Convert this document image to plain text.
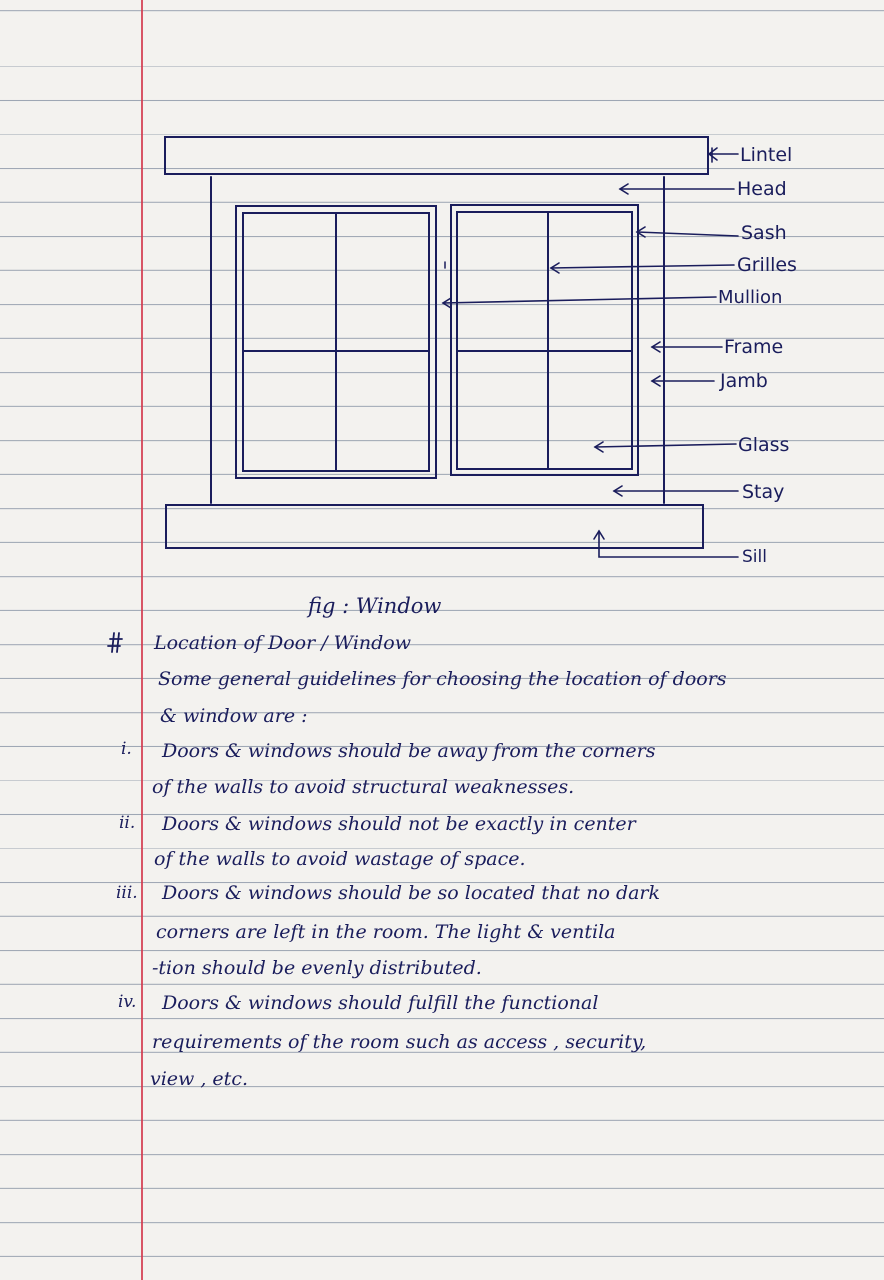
Lintel
Head
Sash
Grilles
Mullion
Frame
Jamb
Glass
Stay
Sill
fig : Window
Location of Door / Window
Some general guidelines for choosing the location of doors
& window are :
i. Doors & windows should be away from the corners
of the walls to avoid structural weaknesses.
ii. Doors & windows should not be exactly in center
of the walls to avoid wastage of space.
iii. Doors & windows should be so located that no dark
corners are left in the room. The light & ventila
-tion should be evenly distributed.
iv. Doors & windows should fulfill the functional
requirements of the room such as access , security,
view , etc.
